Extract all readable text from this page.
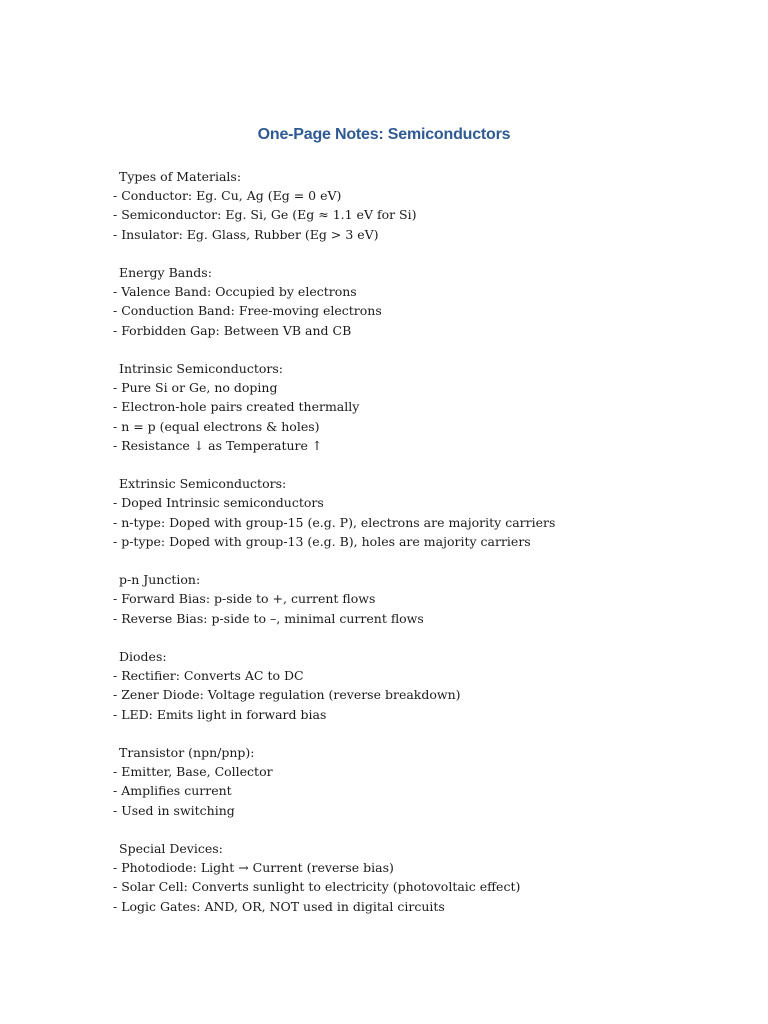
One-Page Notes: Semiconductors
Types of Materials:
- Conductor: Eg. Cu, Ag (Eg = 0 eV)
- Semiconductor: Eg. Si, Ge (Eg ≈ 1.1 eV for Si)
- Insulator: Eg. Glass, Rubber (Eg > 3 eV)
Energy Bands:
- Valence Band: Occupied by electrons
- Conduction Band: Free-moving electrons
- Forbidden Gap: Between VB and CB
Intrinsic Semiconductors:
- Pure Si or Ge, no doping
- Electron-hole pairs created thermally
- n = p (equal electrons & holes)
- Resistance ↓ as Temperature ↑
Extrinsic Semiconductors:
- Doped Intrinsic semiconductors
- n-type: Doped with group-15 (e.g. P), electrons are majority carriers
- p-type: Doped with group-13 (e.g. B), holes are majority carriers
p-n Junction:
- Forward Bias: p-side to +, current flows
- Reverse Bias: p-side to –, minimal current flows
Diodes:
- Rectifier: Converts AC to DC
- Zener Diode: Voltage regulation (reverse breakdown)
- LED: Emits light in forward bias
Transistor (npn/pnp):
- Emitter, Base, Collector
- Amplifies current
- Used in switching
Special Devices:
- Photodiode: Light → Current (reverse bias)
- Solar Cell: Converts sunlight to electricity (photovoltaic effect)
- Logic Gates: AND, OR, NOT used in digital circuits
